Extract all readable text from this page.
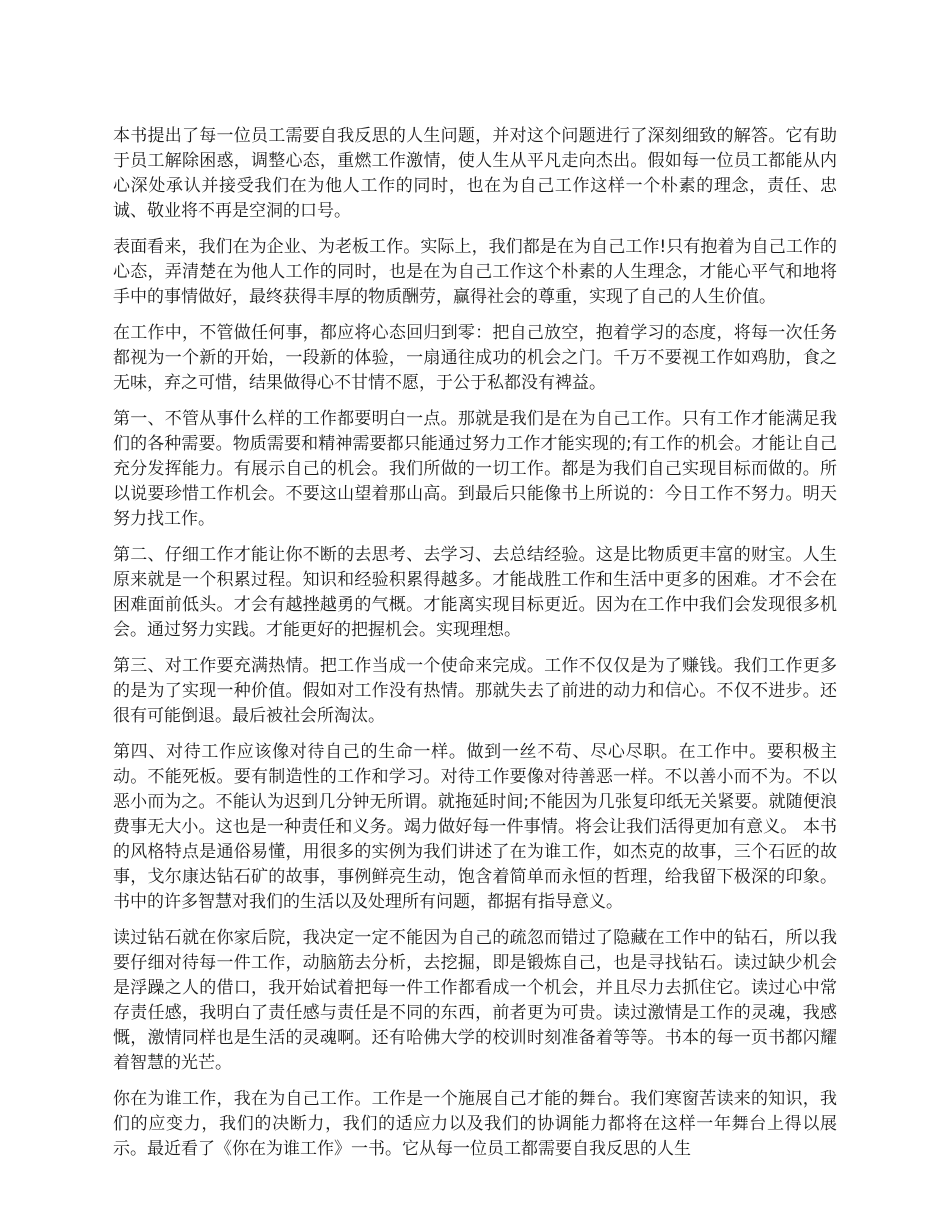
本书提出了每一位员工需要自我反思的人生问题，并对这个问题进行了深刻细致的解答。它有助于员工解除困惑，调整心态，重燃工作激情，使人生从平凡走向杰出。假如每一位员工都能从内心深处承认并接受我们在为他人工作的同时，也在为自己工作这样一个朴素的理念，责任、忠诚、敬业将不再是空洞的口号。

表面看来，我们在为企业、为老板工作。实际上，我们都是在为自己工作!只有抱着为自己工作的心态，弄清楚在为他人工作的同时，也是在为自己工作这个朴素的人生理念，才能心平气和地将手中的事情做好，最终获得丰厚的物质酬劳，赢得社会的尊重，实现了自己的人生价值。

在工作中，不管做任何事，都应将心态回归到零：把自己放空，抱着学习的态度，将每一次任务都视为一个新的开始，一段新的体验，一扇通往成功的机会之门。千万不要视工作如鸡肋，食之无味，弃之可惜，结果做得心不甘情不愿，于公于私都没有裨益。

第一、不管从事什么样的工作都要明白一点。那就是我们是在为自己工作。只有工作才能满足我们的各种需要。物质需要和精神需要都只能通过努力工作才能实现的;有工作的机会。才能让自己充分发挥能力。有展示自己的机会。我们所做的一切工作。都是为我们自己实现目标而做的。所以说要珍惜工作机会。不要这山望着那山高。到最后只能像书上所说的：今日工作不努力。明天努力找工作。

第二、仔细工作才能让你不断的去思考、去学习、去总结经验。这是比物质更丰富的财宝。人生原来就是一个积累过程。知识和经验积累得越多。才能战胜工作和生活中更多的困难。才不会在困难面前低头。才会有越挫越勇的气概。才能离实现目标更近。因为在工作中我们会发现很多机会。通过努力实践。才能更好的把握机会。实现理想。

第三、对工作要充满热情。把工作当成一个使命来完成。工作不仅仅是为了赚钱。我们工作更多的是为了实现一种价值。假如对工作没有热情。那就失去了前进的动力和信心。不仅不进步。还很有可能倒退。最后被社会所淘汰。

第四、对待工作应该像对待自己的生命一样。做到一丝不苟、尽心尽职。在工作中。要积极主动。不能死板。要有制造性的工作和学习。对待工作要像对待善恶一样。不以善小而不为。不以恶小而为之。不能认为迟到几分钟无所谓。就拖延时间;不能因为几张复印纸无关紧要。就随便浪费事无大小。这也是一种责任和义务。竭力做好每一件事情。将会让我们活得更加有意义。 本书的风格特点是通俗易懂，用很多的实例为我们讲述了在为谁工作，如杰克的故事，三个石匠的故事，戈尔康达钻石矿的故事，事例鲜亮生动，饱含着简单而永恒的哲理，给我留下极深的印象。书中的许多智慧对我们的生活以及处理所有问题，都据有指导意义。

读过钻石就在你家后院，我决定一定不能因为自己的疏忽而错过了隐藏在工作中的钻石，所以我要仔细对待每一件工作，动脑筋去分析，去挖掘，即是锻炼自己，也是寻找钻石。读过缺少机会是浮躁之人的借口，我开始试着把每一件工作都看成一个机会，并且尽力去抓住它。读过心中常存责任感，我明白了责任感与责任是不同的东西，前者更为可贵。读过激情是工作的灵魂，我感慨，激情同样也是生活的灵魂啊。还有哈佛大学的校训时刻准备着等等。书本的每一页书都闪耀着智慧的光芒。

你在为谁工作，我在为自己工作。工作是一个施展自己才能的舞台。我们寒窗苦读来的知识，我们的应变力，我们的决断力，我们的适应力以及我们的协调能力都将在这样一年舞台上得以展示。最近看了《你在为谁工作》一书。它从每一位员工都需要自我反思的人生
